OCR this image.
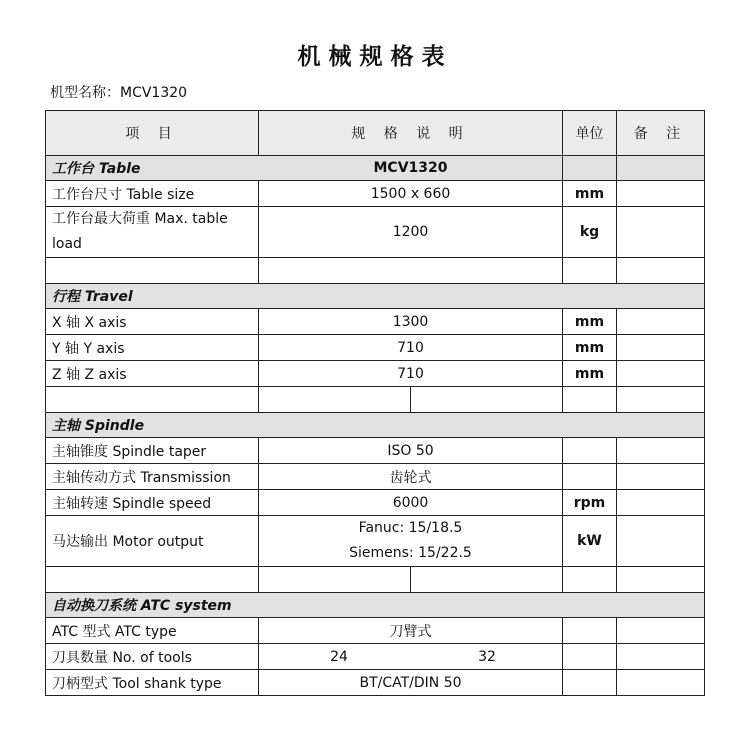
机械规格表
机型名称：MCV1320
项 目	规 格 说 明		单位	备 注
工作台 Table	MCV1320			
工作台尺寸 Table size	1500 x 660		mm	
工作台最大荷重 Max. table load	1200		kg	

行程 Travel				
X 轴 X axis	1300		mm	
Y 轴 Y axis	710		mm	
Z 轴 Z axis	710		mm	

主轴 Spindle				
主轴锥度 Spindle taper	ISO 50			
主轴传动方式 Transmission	齿轮式			
主轴转速 Spindle speed	6000		rpm	
马达输出 Motor output	Fanuc: 15/18.5
Siemens: 15/22.5		kW	

自动换刀系统 ATC system				
ATC 型式 ATC type	刀臂式			
刀具数量 No. of tools	24 32			
刀柄型式 Tool shank type	BT/CAT/DIN 50			
